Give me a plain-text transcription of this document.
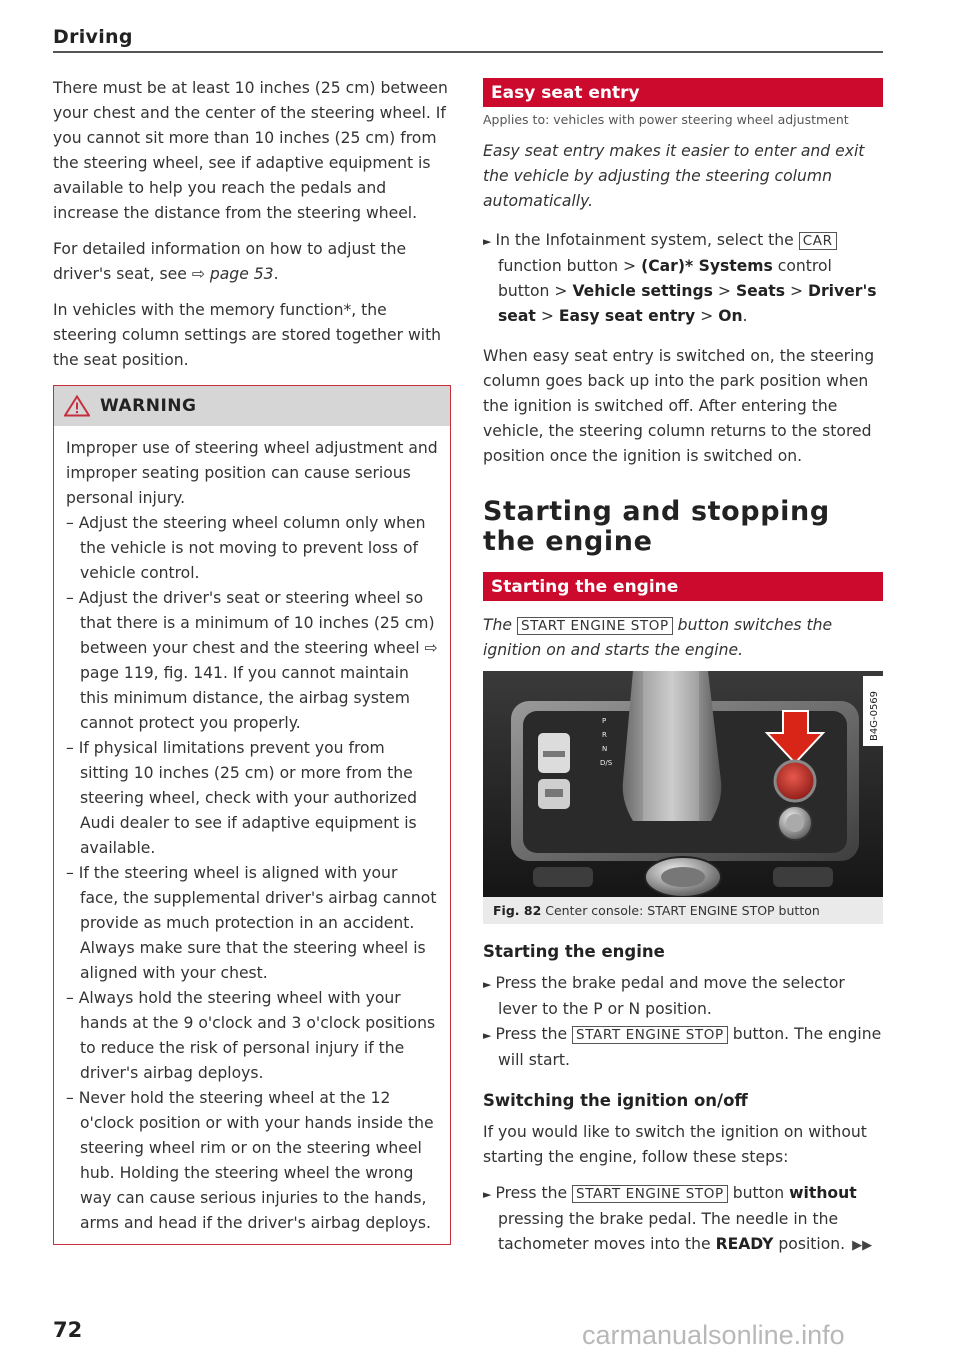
Driving

There must be at least 10 inches (25 cm) between your chest and the center of the steering wheel. If you cannot sit more than 10 inches (25 cm) from the steering wheel, see if adaptive equipment is available to help you reach the pedals and increase the distance from the steering wheel.

For detailed information on how to adjust the driver's seat, see ⇨ page 53.

In vehicles with the memory function*, the steering column settings are stored together with the seat position.

WARNING

Improper use of steering wheel adjustment and improper seating position can cause serious personal injury.

– Adjust the steering wheel column only when the vehicle is not moving to prevent loss of vehicle control.
– Adjust the driver's seat or steering wheel so that there is a minimum of 10 inches (25 cm) between your chest and the steering wheel ⇨ page 119, fig. 141. If you cannot maintain this minimum distance, the airbag system cannot protect you properly.
– If physical limitations prevent you from sitting 10 inches (25 cm) or more from the steering wheel, check with your authorized Audi dealer to see if adaptive equipment is available.
– If the steering wheel is aligned with your face, the supplemental driver's airbag cannot provide as much protection in an accident. Always make sure that the steering wheel is aligned with your chest.
– Always hold the steering wheel with your hands at the 9 o'clock and 3 o'clock positions to reduce the risk of personal injury if the driver's airbag deploys.
– Never hold the steering wheel at the 12 o'clock position or with your hands inside the steering wheel rim or on the steering wheel hub. Holding the steering wheel the wrong way can cause serious injuries to the hands, arms and head if the driver's airbag deploys.
Easy seat entry
Applies to: vehicles with power steering wheel adjustment

Easy seat entry makes it easier to enter and exit the vehicle by adjusting the steering column automatically.

► In the Infotainment system, select the CAR function button > (Car)* Systems control button > Vehicle settings > Seats > Driver's seat > Easy seat entry > On.

When easy seat entry is switched on, the steering column goes back up into the park position when the ignition is switched off. After entering the vehicle, the steering column returns to the stored position once the ignition is switched on.

Starting and stopping the engine
Starting the engine

The START ENGINE STOP button switches the ignition on and starts the engine.

P
R
N
D/S
B4G-0569
Fig. 82 Center console: START ENGINE STOP button
Starting the engine

► Press the brake pedal and move the selector lever to the P or N position.

► Press the START ENGINE STOP button. The engine will start.

Switching the ignition on/off

If you would like to switch the ignition on without starting the engine, follow these steps:

► Press the START ENGINE STOP button without pressing the brake pedal. The needle in the tachometer moves into the READY position. ▶▶

72	carmanualsonline.info
